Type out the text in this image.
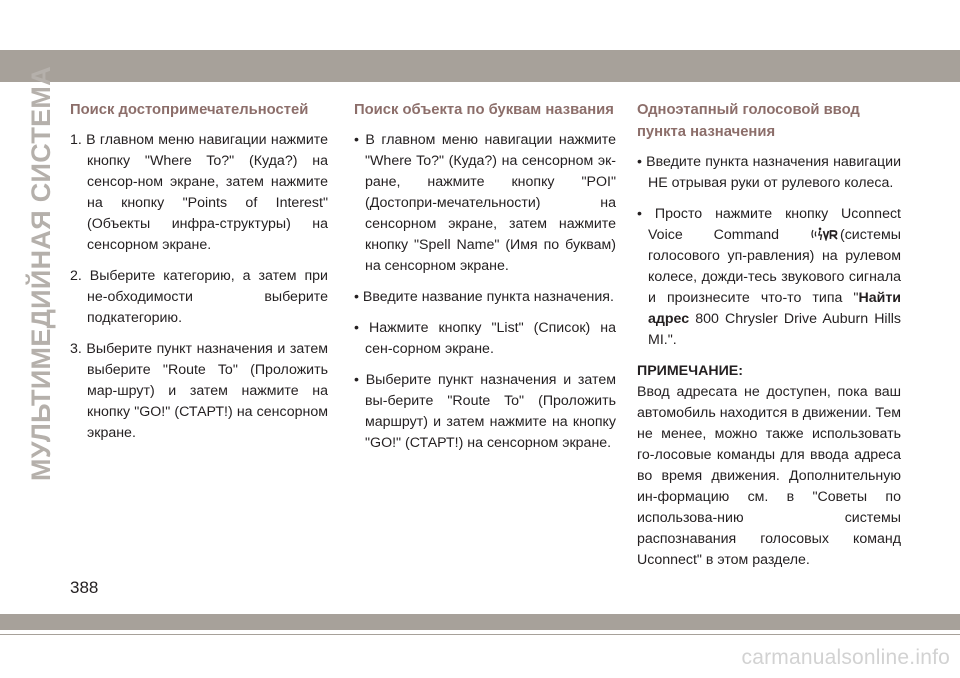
МУЛЬТИМЕДИЙНАЯ СИСТЕМА Поиск достопримечательностей
1. В главном меню навигации нажмите кнопку "Where To?" (Куда?) на сенсор-ном экране, затем нажмите на кнопку "Points of Interest" (Объекты инфра-структуры) на сенсорном экране.
2. Выберите категорию, а затем при не-обходимости выберите подкатегорию.
3. Выберите пункт назначения и затем выберите "Route To" (Проложить мар-шрут) и затем нажмите на кнопку "GO!" (СТАРТ!) на сенсорном экране.
Поиск объекта по буквам названия
• В главном меню навигации нажмите "Where To?" (Куда?) на сенсорном эк-ране, нажмите кнопку "POI" (Достопри-мечательности) на сенсорном экране, затем нажмите кнопку "Spell Name" (Имя по буквам) на сенсорном экране.
• Введите название пункта назначения.
• Нажмите кнопку "List" (Список) на сен-сорном экране.
• Выберите пункт назначения и затем вы-берите "Route To" (Проложить маршрут) и затем нажмите на кнопку "GO!" (СТАРТ!) на сенсорном экране.
Одноэтапный голосовой ввод пункта назначения
• Введите пункта назначения навигации НЕ отрывая руки от рулевого колеса.
• Просто нажмите кнопку Uconnect Voice Command	(системы голосового уп-равления) на рулевом колесе, дожди-тесь звукового сигнала и произнесите что-то типа "Найти адрес 800 Chrysler Drive Auburn Hills MI.".
ПРИМЕЧАНИЕ:
Ввод адресата не доступен, пока ваш автомобиль находится в движении. Тем не менее, можно также использовать го-лосовые команды для ввода адреса во время движения. Дополнительную ин-формацию см. в "Советы по использова-нию системы распознавания голосовых команд Uconnect" в этом разделе.
388
carmanualsonline.info
